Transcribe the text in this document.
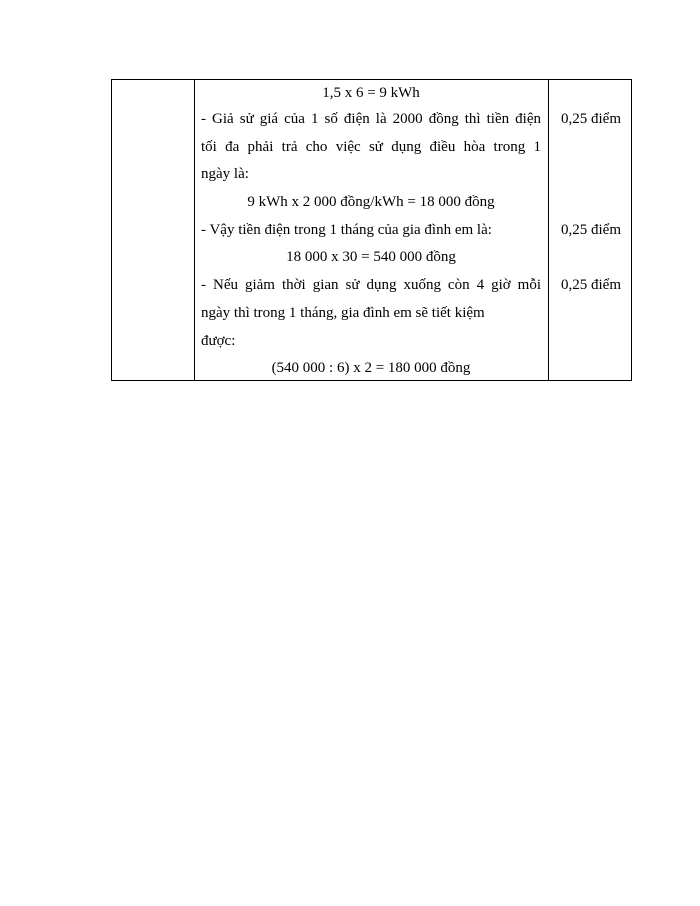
1,5 x 6 = 9 kWh
- Giả sử giá của 1 số điện là 2000 đồng thì tiền điện
tối đa phải trả cho việc sử dụng điều hòa trong 1
ngày là:
9 kWh x 2 000 đồng/kWh = 18 000 đồng
- Vậy tiền điện trong 1 tháng của gia đình em là:
18 000 x 30 = 540 000 đồng
- Nếu giảm thời gian sử dụng xuống còn 4 giờ mỗi
ngày thì trong 1 tháng, gia đình em sẽ tiết kiệm
được:
(540 000 : 6) x 2 = 180 000 đồng
0,25 điểm
0,25 điểm
0,25 điểm
